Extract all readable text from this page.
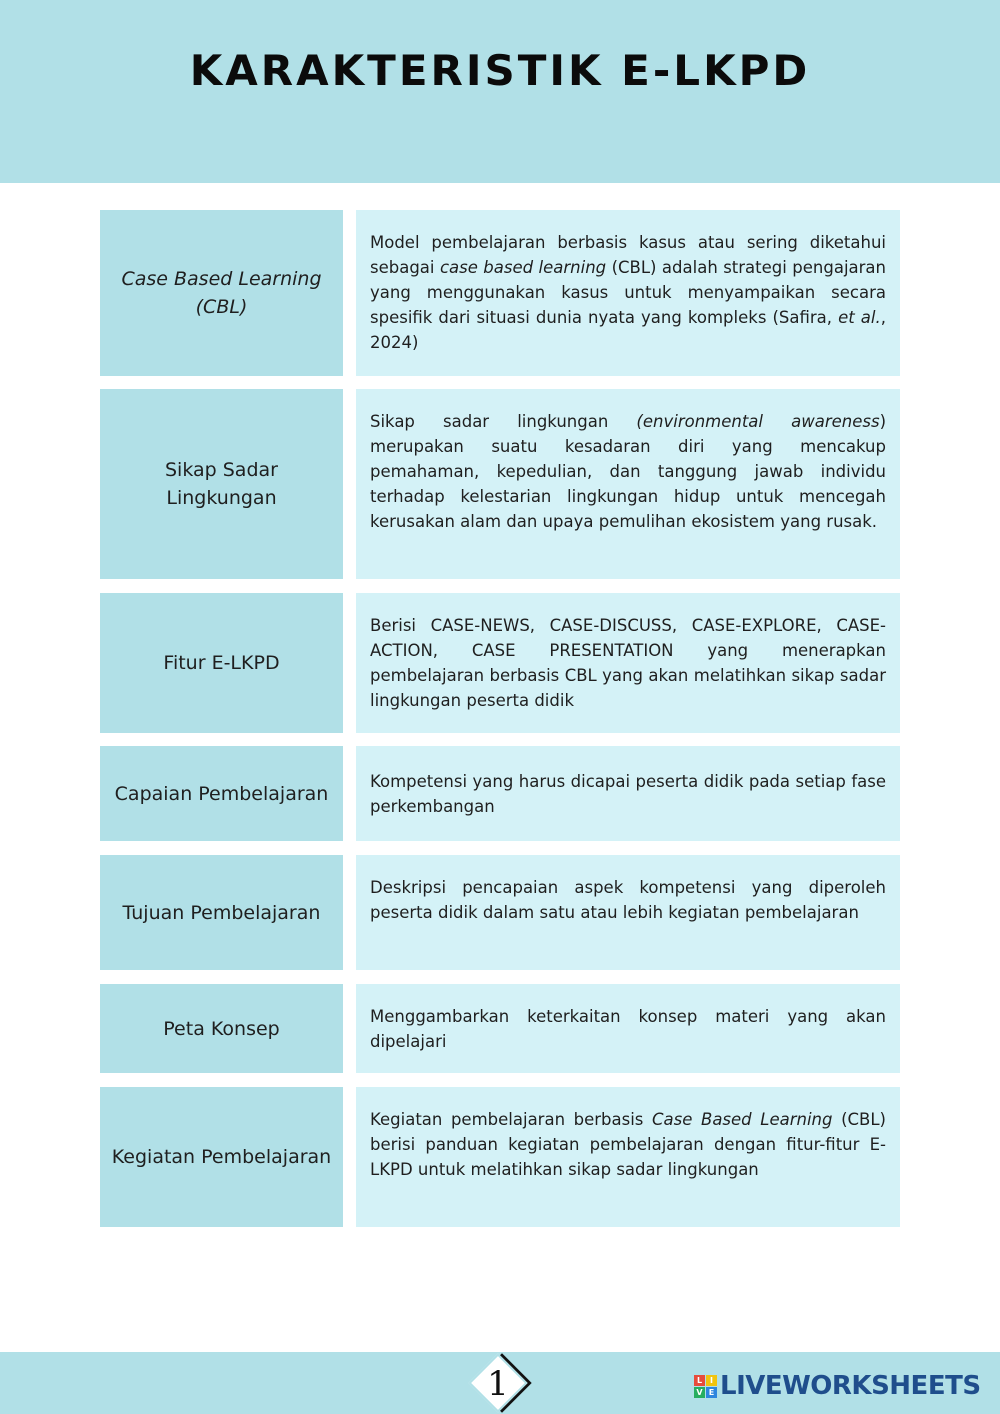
KARAKTERISTIK E-LKPD
Case Based Learning (CBL)
Model pembelajaran berbasis kasus atau sering diketahui sebagai case based learning (CBL) adalah strategi pengajaran yang menggunakan kasus untuk menyampaikan secara spesifik dari situasi dunia nyata yang kompleks (Safira, et al., 2024)
Sikap Sadar Lingkungan
Sikap sadar lingkungan (environmental awareness) merupakan suatu kesadaran diri yang mencakup pemahaman, kepedulian, dan tanggung jawab individu terhadap kelestarian lingkungan hidup untuk mencegah kerusakan alam dan upaya pemulihan ekosistem yang rusak.
Fitur E-LKPD
Berisi CASE-NEWS, CASE-DISCUSS, CASE-EXPLORE, CASE-ACTION, CASE PRESENTATION yang menerapkan pembelajaran berbasis CBL yang akan melatihkan sikap sadar lingkungan peserta didik
Capaian Pembelajaran
Kompetensi yang harus dicapai peserta didik pada setiap fase perkembangan
Tujuan Pembelajaran
Deskripsi pencapaian aspek kompetensi yang diperoleh peserta didik dalam satu atau lebih kegiatan pembelajaran
Peta Konsep
Menggambarkan keterkaitan konsep materi yang akan dipelajari
Kegiatan Pembelajaran
Kegiatan pembelajaran berbasis Case Based Learning (CBL) berisi panduan kegiatan pembelajaran dengan fitur-fitur E-LKPD untuk melatihkan sikap sadar lingkungan
1	L I
V E LIVEWORKSHEETS
